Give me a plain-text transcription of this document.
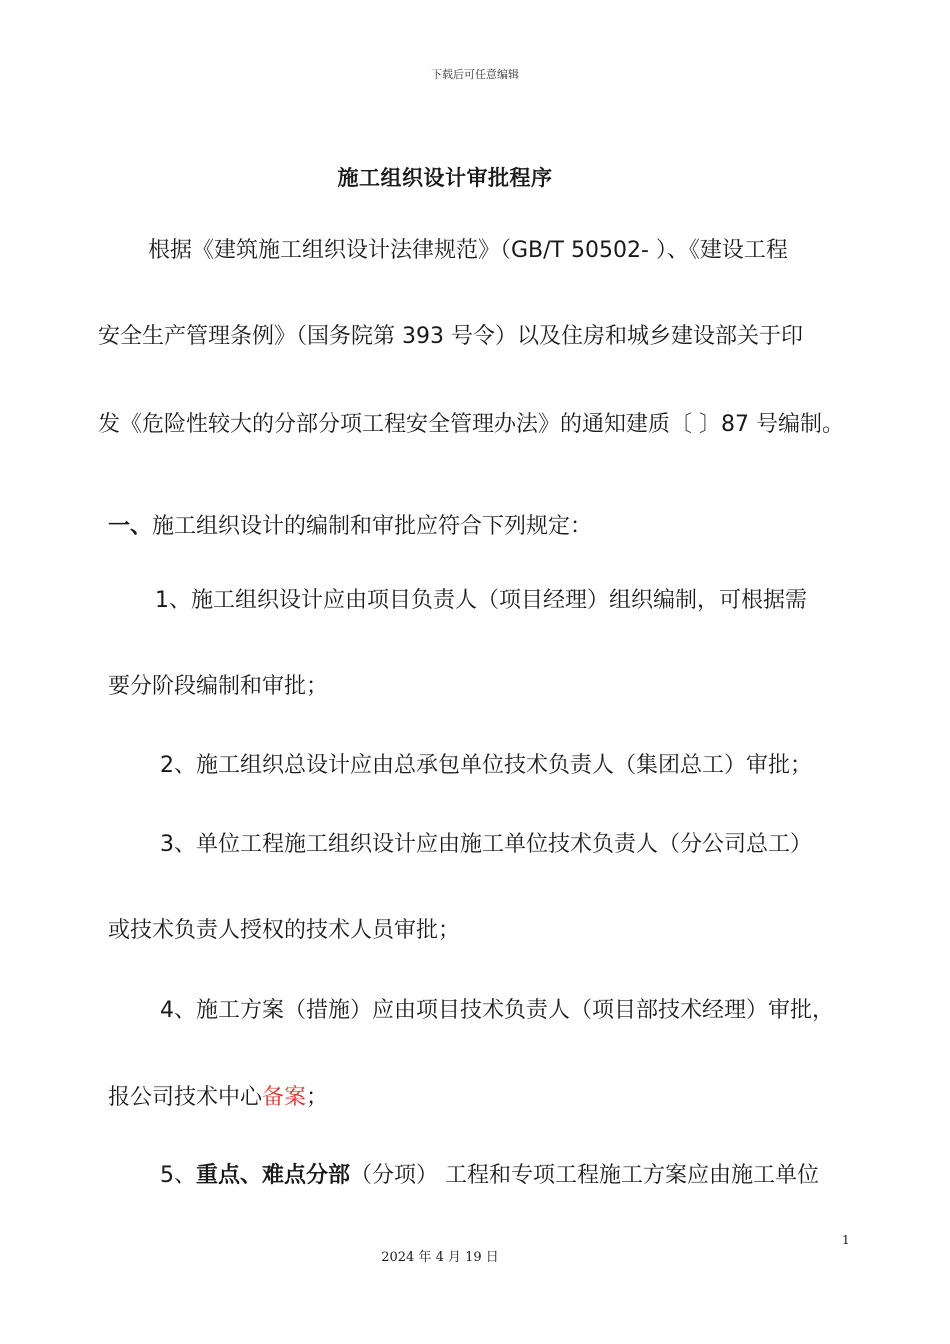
下载后可任意编辑
施工组织设计审批程序
根据《建筑施工组织设计法律规范》（GB/T 50502- ）、《建设工程
安全生产管理条例》（国务院第 393 号令）以及住房和城乡建设部关于印
发《危险性较大的分部分项工程安全管理办法》的通知建质〔 〕87 号编制。
一、施工组织设计的编制和审批应符合下列规定：
1、施工组织设计应由项目负责人（项目经理）组织编制，可根据需
要分阶段编制和审批；
2、施工组织总设计应由总承包单位技术负责人（集团总工）审批；
3、单位工程施工组织设计应由施工单位技术负责人（分公司总工）
或技术负责人授权的技术人员审批；
4、施工方案（措施）应由项目技术负责人（项目部技术经理）审批，
报公司技术中心备案；
5、重点、难点分部（分项） 工程和专项工程施工方案应由施工单位
1
2024 年 4 月 19 日
